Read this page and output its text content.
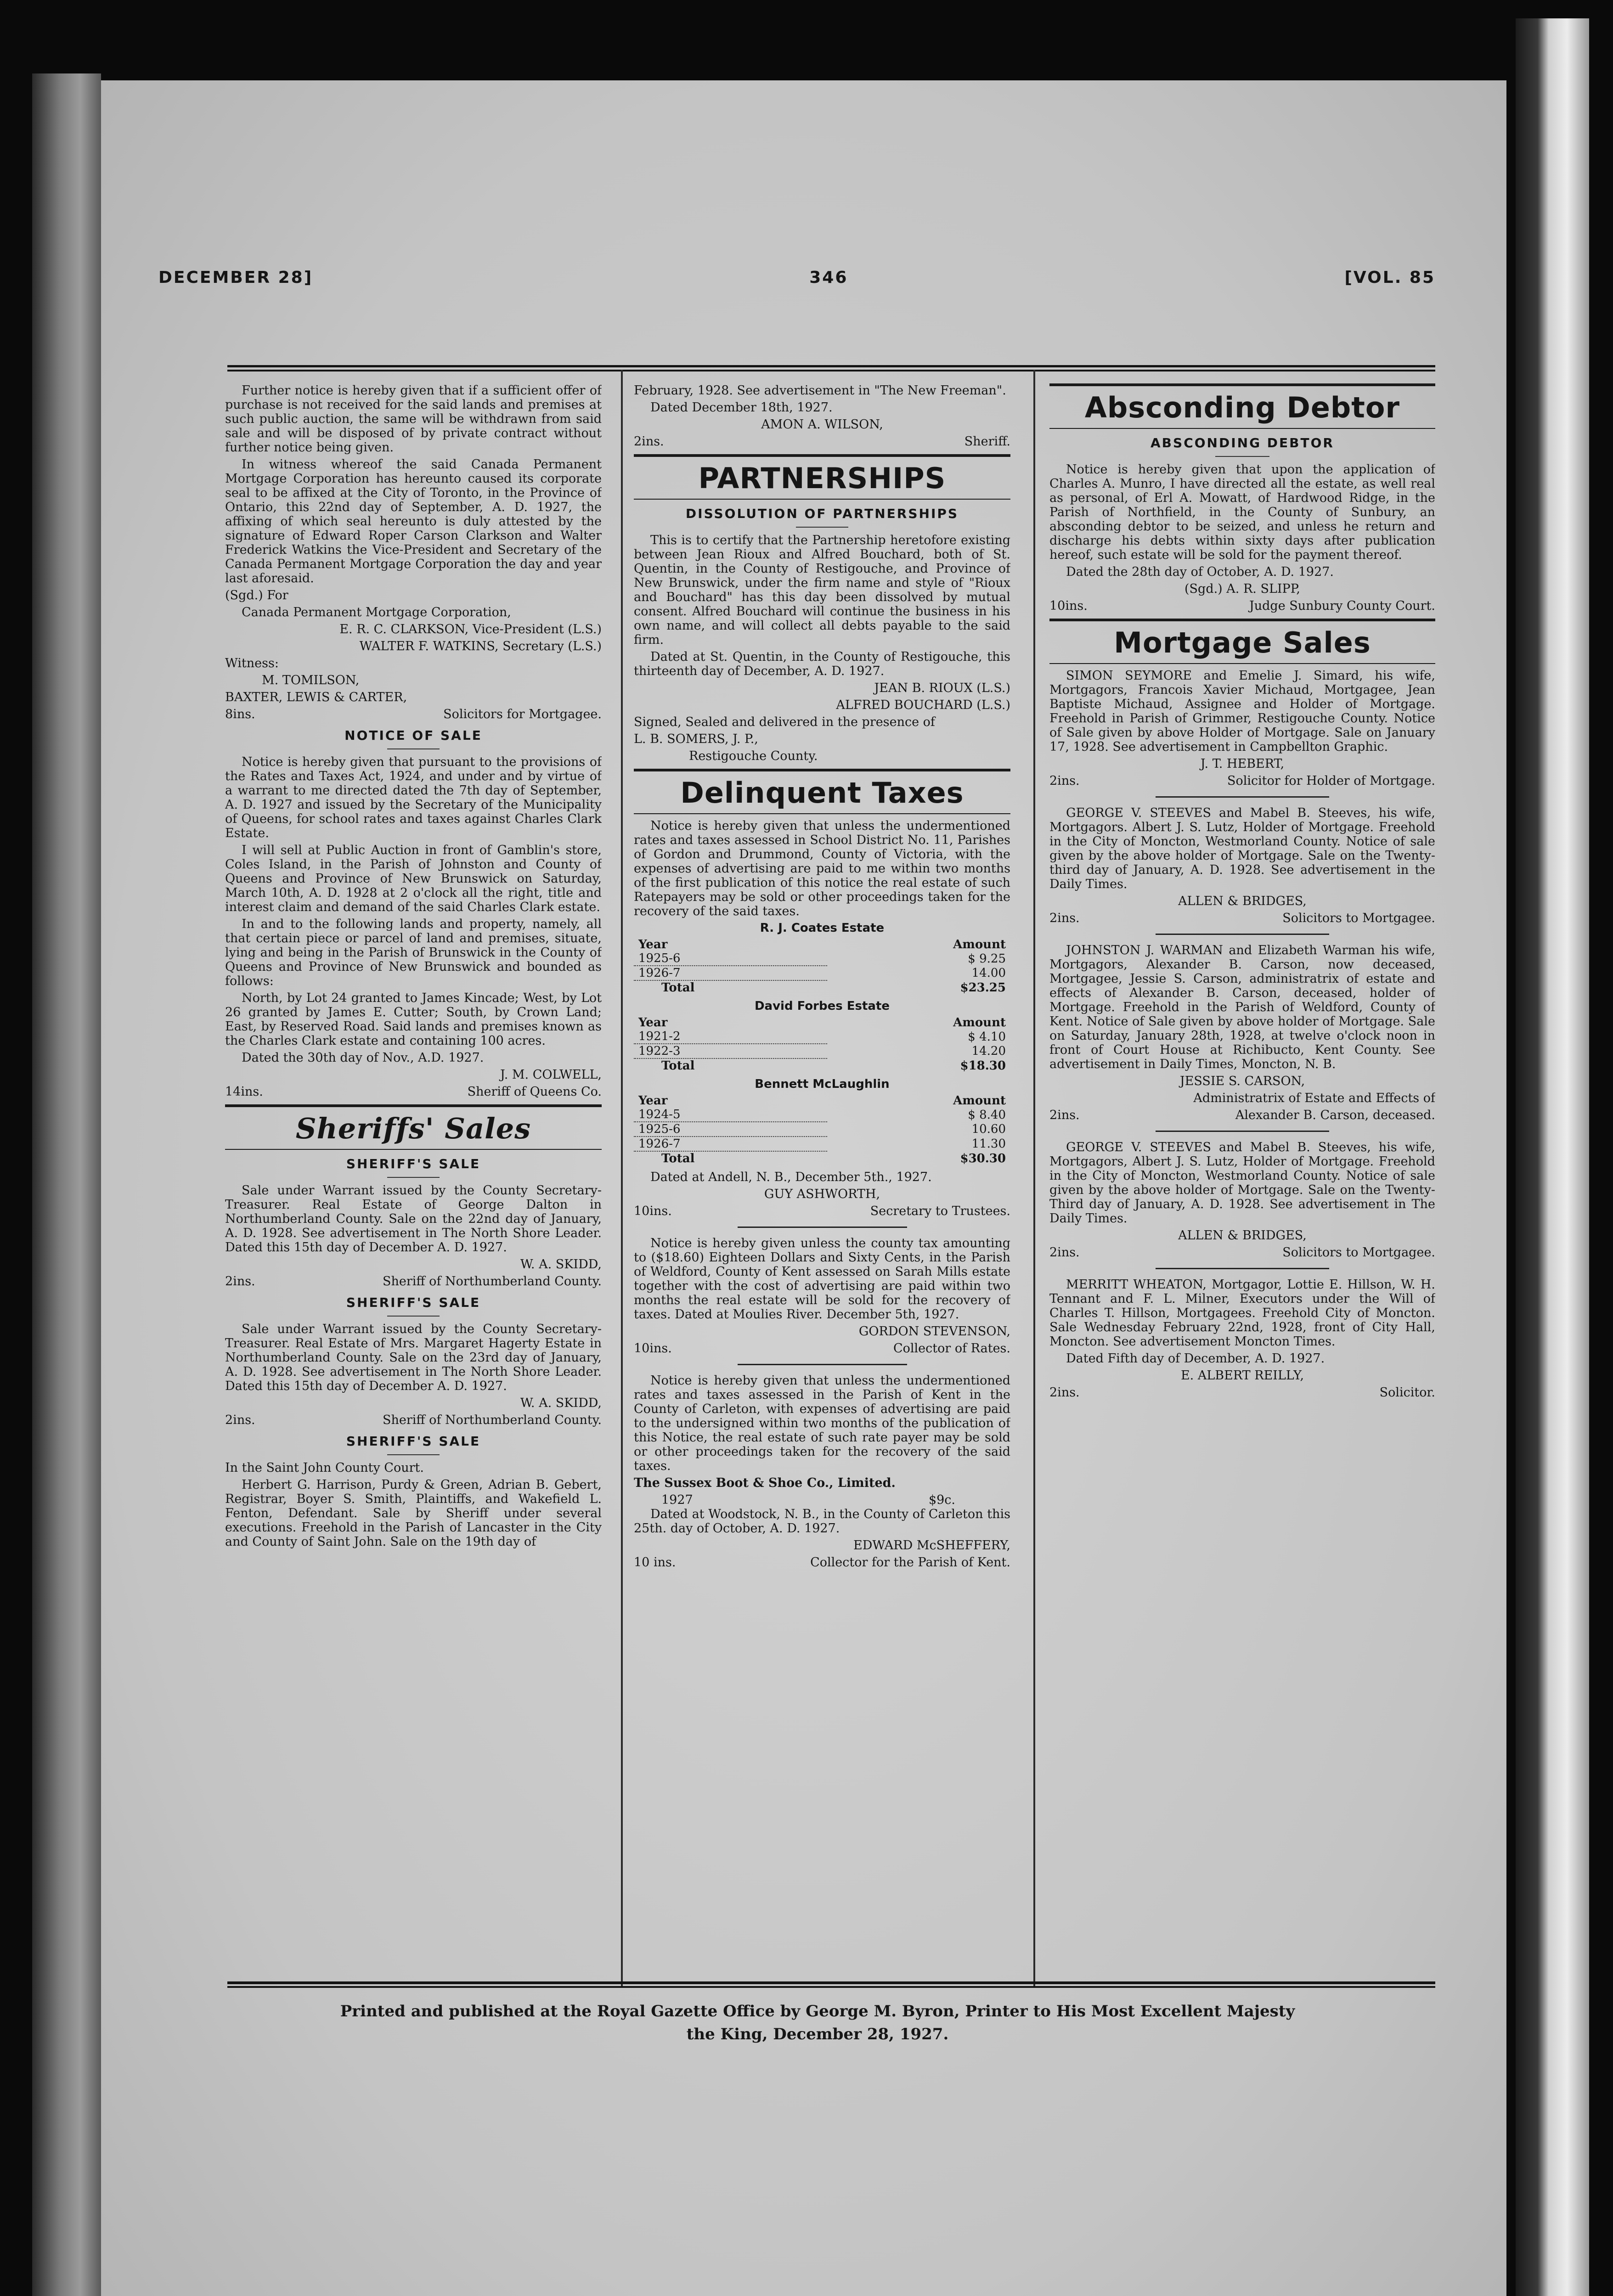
DECEMBER 28]	346	[VOL. 85

Further notice is hereby given that if a sufficient offer of purchase is not received for the said lands and premises at such public auction, the same will be withdrawn from said sale and will be disposed of by private contract without further notice being given.

In witness whereof the said Canada Permanent Mortgage Corporation has hereunto caused its corporate seal to be affixed at the City of Toronto, in the Province of Ontario, this 22nd day of September, A. D. 1927, the affixing of which seal hereunto is duly attested by the signature of Edward Roper Carson Clarkson and Walter Frederick Watkins the Vice-President and Secretary of the Canada Permanent Mortgage Corporation the day and year last aforesaid.

(Sgd.) For

Canada Permanent Mortgage Corporation,

E. R. C. CLARKSON, Vice-President (L.S.)

WALTER F. WATKINS, Secretary (L.S.)

Witness:

M. TOMILSON,

BAXTER, LEWIS & CARTER,

8ins.	Solicitors for Mortgagee.
NOTICE OF SALE

Notice is hereby given that pursuant to the provisions of the Rates and Taxes Act, 1924, and under and by virtue of a warrant to me directed dated the 7th day of September, A. D. 1927 and issued by the Secretary of the Municipality of Queens, for school rates and taxes against Charles Clark Estate.

I will sell at Public Auction in front of Gamblin's store, Coles Island, in the Parish of Johnston and County of Queens and Province of New Brunswick on Saturday, March 10th, A. D. 1928 at 2 o'clock all the right, title and interest claim and demand of the said Charles Clark estate.

In and to the following lands and property, namely, all that certain piece or parcel of land and premises, situate, lying and being in the Parish of Brunswick in the County of Queens and Province of New Brunswick and bounded as follows:

North, by Lot 24 granted to James Kincade; West, by Lot 26 granted by James E. Cutter; South, by Crown Land; East, by Reserved Road. Said lands and premises known as the Charles Clark estate and containing 100 acres.

Dated the 30th day of Nov., A.D. 1927.

J. M. COLWELL,

14ins.	Sheriff of Queens Co.
Sheriffs' Sales
SHERIFF'S SALE

Sale under Warrant issued by the County Secretary-Treasurer. Real Estate of George Dalton in Northumberland County. Sale on the 22nd day of January, A. D. 1928. See advertisement in The North Shore Leader. Dated this 15th day of December A. D. 1927.

W. A. SKIDD,

2ins.	Sheriff of Northumberland County.
SHERIFF'S SALE

Sale under Warrant issued by the County Secretary-Treasurer. Real Estate of Mrs. Margaret Hagerty Estate in Northumberland County. Sale on the 23rd day of January, A. D. 1928. See advertisement in The North Shore Leader. Dated this 15th day of December A. D. 1927.

W. A. SKIDD,

2ins.	Sheriff of Northumberland County.
SHERIFF'S SALE

In the Saint John County Court.

Herbert G. Harrison, Purdy & Green, Adrian B. Gebert, Registrar, Boyer S. Smith, Plaintiffs, and Wakefield L. Fenton, Defendant. Sale by Sheriff under several executions. Freehold in the Parish of Lancaster in the City and County of Saint John. Sale on the 19th day of

February, 1928. See advertisement in "The New Freeman".

Dated December 18th, 1927.

AMON A. WILSON,

2ins.	Sheriff.
PARTNERSHIPS
DISSOLUTION OF PARTNERSHIPS

This is to certify that the Partnership heretofore existing between Jean Rioux and Alfred Bouchard, both of St. Quentin, in the County of Restigouche, and Province of New Brunswick, under the firm name and style of "Rioux and Bouchard" has this day been dissolved by mutual consent. Alfred Bouchard will continue the business in his own name, and will collect all debts payable to the said firm.

Dated at St. Quentin, in the County of Restigouche, this thirteenth day of December, A. D. 1927.

JEAN B. RIOUX (L.S.)

ALFRED BOUCHARD (L.S.)

Signed, Sealed and delivered in the presence of

L. B. SOMERS, J. P.,

Restigouche County.

Delinquent Taxes

Notice is hereby given that unless the undermentioned rates and taxes assessed in School District No. 11, Parishes of Gordon and Drummond, County of Victoria, with the expenses of advertising are paid to me within two months of the first publication of this notice the real estate of such Ratepayers may be sold or other proceedings taken for the recovery of the said taxes.

R. J. Coates Estate
Year	Amount
1925-6	$ 9.25
1926-7	14.00
Total	$23.25
David Forbes Estate
Year	Amount
1921-2	$ 4.10
1922-3	14.20
Total	$18.30
Bennett McLaughlin
Year	Amount
1924-5	$ 8.40
1925-6	10.60
1926-7	11.30
Total	$30.30

Dated at Andell, N. B., December 5th., 1927.

GUY ASHWORTH,

10ins.	Secretary to Trustees.

Notice is hereby given unless the county tax amounting to ($18.60) Eighteen Dollars and Sixty Cents, in the Parish of Weldford, County of Kent assessed on Sarah Mills estate together with the cost of advertising are paid within two months the real estate will be sold for the recovery of taxes. Dated at Moulies River. December 5th, 1927.

GORDON STEVENSON,

10ins.	Collector of Rates.

Notice is hereby given that unless the undermentioned rates and taxes assessed in the Parish of Kent in the County of Carleton, with expenses of advertising are paid to the undersigned within two months of the publication of this Notice, the real estate of such rate payer may be sold or other proceedings taken for the recovery of the said taxes.

The Sussex Boot & Shoe Co., Limited.

1927	$9c.

Dated at Woodstock, N. B., in the County of Carleton this 25th. day of October, A. D. 1927.

EDWARD McSHEFFERY,

10 ins.	Collector for the Parish of Kent.
Absconding Debtor
ABSCONDING DEBTOR

Notice is hereby given that upon the application of Charles A. Munro, I have directed all the estate, as well real as personal, of Erl A. Mowatt, of Hardwood Ridge, in the Parish of Northfield, in the County of Sunbury, an absconding debtor to be seized, and unless he return and discharge his debts within sixty days after publication hereof, such estate will be sold for the payment thereof.

Dated the 28th day of October, A. D. 1927.

(Sgd.) A. R. SLIPP,

10ins.	Judge Sunbury County Court.
Mortgage Sales

SIMON SEYMORE and Emelie J. Simard, his wife, Mortgagors, Francois Xavier Michaud, Mortgagee, Jean Baptiste Michaud, Assignee and Holder of Mortgage. Freehold in Parish of Grimmer, Restigouche County. Notice of Sale given by above Holder of Mortgage. Sale on January 17, 1928. See advertisement in Campbellton Graphic.

J. T. HEBERT,

2ins.	Solicitor for Holder of Mortgage.

GEORGE V. STEEVES and Mabel B. Steeves, his wife, Mortgagors. Albert J. S. Lutz, Holder of Mortgage. Freehold in the City of Moncton, Westmorland County. Notice of sale given by the above holder of Mortgage. Sale on the Twenty-third day of January, A. D. 1928. See advertisement in the Daily Times.

ALLEN & BRIDGES,

2ins.	Solicitors to Mortgagee.

JOHNSTON J. WARMAN and Elizabeth Warman his wife, Mortgagors, Alexander B. Carson, now deceased, Mortgagee, Jessie S. Carson, administratrix of estate and effects of Alexander B. Carson, deceased, holder of Mortgage. Freehold in the Parish of Weldford, County of Kent. Notice of Sale given by above holder of Mortgage. Sale on Saturday, January 28th, 1928, at twelve o'clock noon in front of Court House at Richibucto, Kent County. See advertisement in Daily Times, Moncton, N. B.

JESSIE S. CARSON,

Administratrix of Estate and Effects of

2ins.	Alexander B. Carson, deceased.

GEORGE V. STEEVES and Mabel B. Steeves, his wife, Mortgagors, Albert J. S. Lutz, Holder of Mortgage. Freehold in the City of Moncton, Westmorland County. Notice of sale given by the above holder of Mortgage. Sale on the Twenty-Third day of January, A. D. 1928. See advertisement in The Daily Times.

ALLEN & BRIDGES,

2ins.	Solicitors to Mortgagee.

MERRITT WHEATON, Mortgagor, Lottie E. Hillson, W. H. Tennant and F. L. Milner, Executors under the Will of Charles T. Hillson, Mortgagees. Freehold City of Moncton. Sale Wednesday February 22nd, 1928, front of City Hall, Moncton. See advertisement Moncton Times.

Dated Fifth day of December, A. D. 1927.

E. ALBERT REILLY,

2ins.	Solicitor.
Printed and published at the Royal Gazette Office by George M. Byron, Printer to His Most Excellent Majesty
the King, December 28, 1927.
